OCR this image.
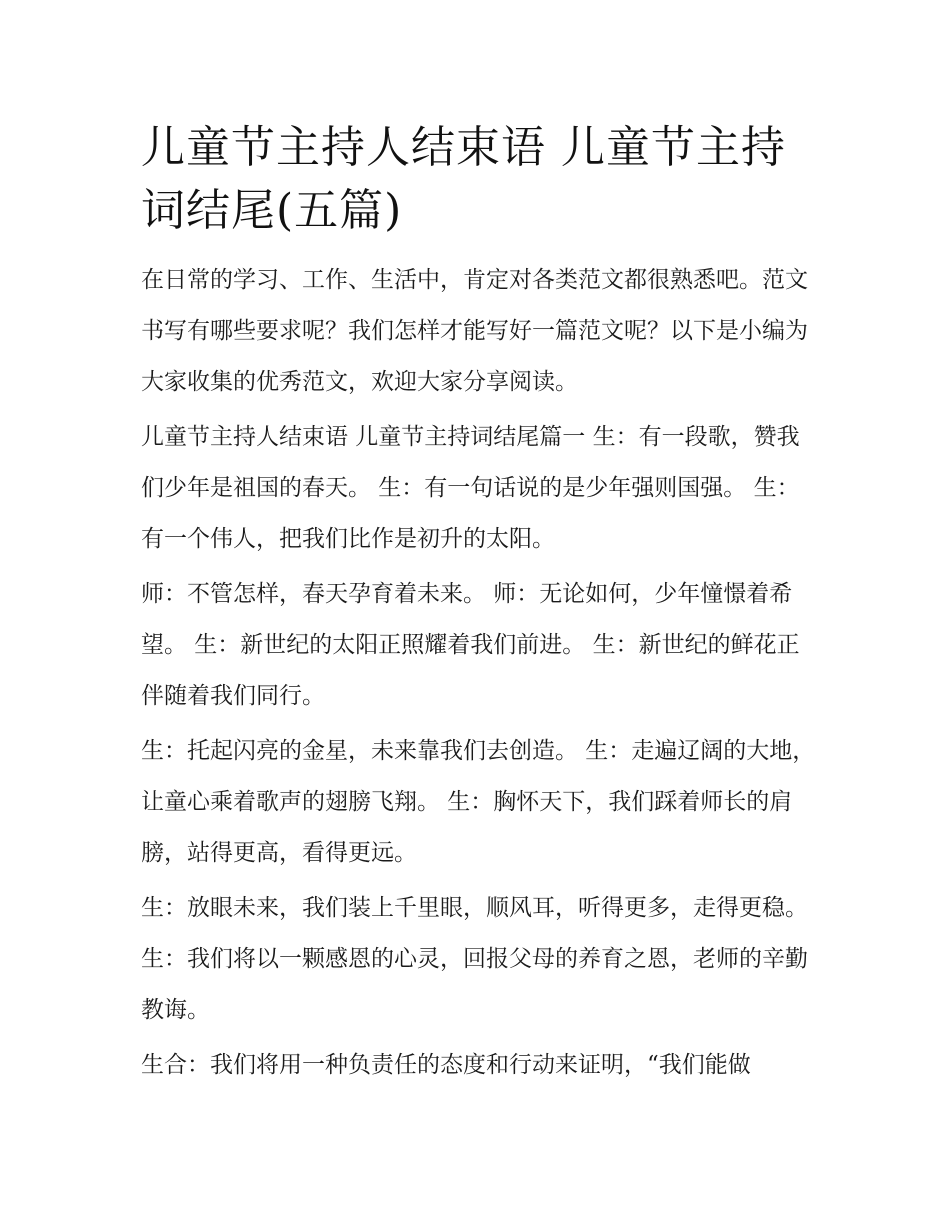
儿童节主持人结束语 儿童节主持词结尾(五篇)

在日常的学习、工作、生活中，肯定对各类范文都很熟悉吧。范文书写有哪些要求呢？我们怎样才能写好一篇范文呢？以下是小编为大家收集的优秀范文，欢迎大家分享阅读。

儿童节主持人结束语 儿童节主持词结尾篇一 生：有一段歌，赞我们少年是祖国的春天。 生：有一句话说的是少年强则国强。 生：有一个伟人，把我们比作是初升的太阳。

师：不管怎样，春天孕育着未来。 师：无论如何，少年憧憬着希望。 生：新世纪的太阳正照耀着我们前进。 生：新世纪的鲜花正伴随着我们同行。

生：托起闪亮的金星，未来靠我们去创造。 生：走遍辽阔的大地，让童心乘着歌声的翅膀飞翔。 生：胸怀天下，我们踩着师长的肩膀，站得更高，看得更远。

生：放眼未来，我们装上千里眼，顺风耳，听得更多，走得更稳。 生：我们将以一颗感恩的心灵，回报父母的养育之恩，老师的辛勤教诲。

生合：我们将用一种负责任的态度和行动来证明，“我们能做
